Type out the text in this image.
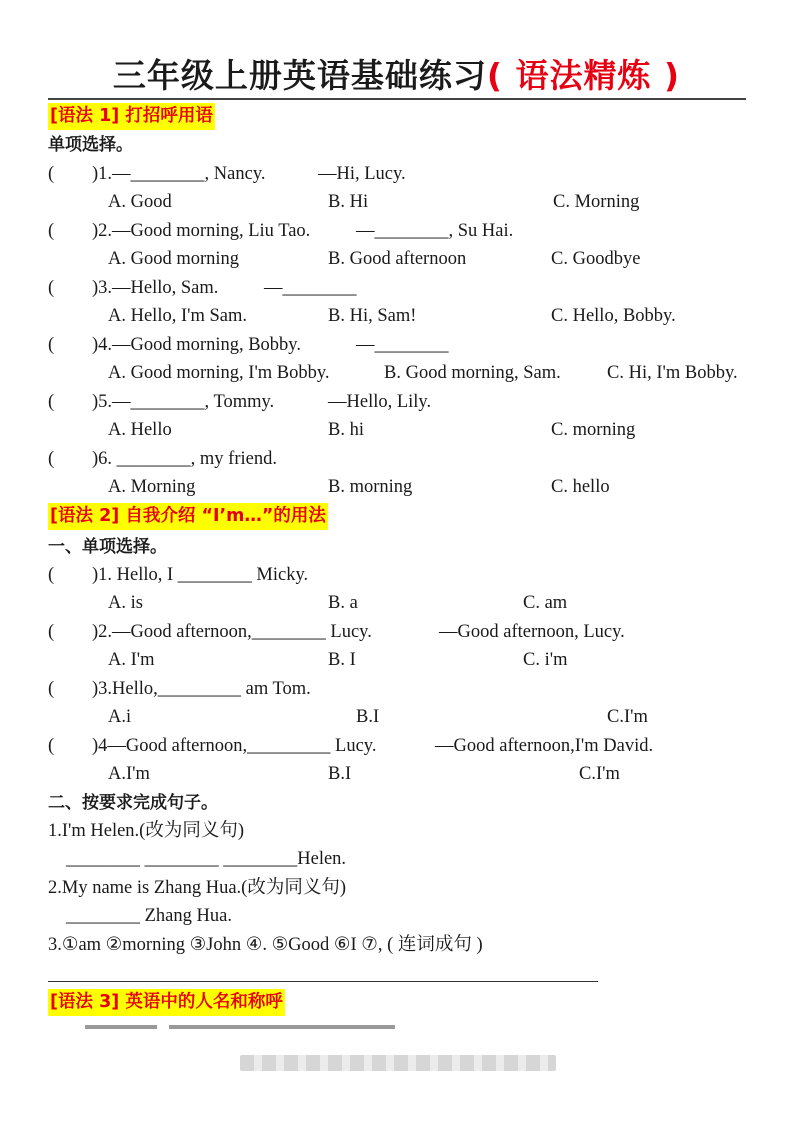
三年级上册英语基础练习( 语法精炼 )
[语法 1] 打招呼用语
单项选择。
( )1.—________, Nancy.	—Hi, Lucy.
A. Good	B. Hi	C. Morning
( )2.—Good morning, Liu Tao. —________, Su Hai.
A. Good morning	B. Good afternoon	C. Goodbye
( )3.—Hello, Sam. —________
A. Hello, I'm Sam.	B. Hi, Sam!	C. Hello, Bobby.
( )4.—Good morning, Bobby.	—________
A. Good morning, I'm Bobby.	B. Good morning, Sam. C. Hi, I'm Bobby.
( )5.—________, Tommy.	—Hello, Lily.
A. Hello	B. hi	C. morning
( )6. ________, my friend.
A. Morning	B. morning	C. hello
[语法 2] 自我介绍 “I’m…”的用法
一、单项选择。
( )1. Hello, I ________ Micky.
A. is	B. a	C. am
( )2.—Good afternoon,________ Lucy.	—Good afternoon, Lucy.
A. I'm	B. I	C. i'm
( )3.Hello,_________ am Tom.
A.i	B.I	C.I'm
( )4—Good afternoon,_________ Lucy.	—Good afternoon,I'm David.
A.I'm	B.I	C.I'm
二、按要求完成句子。
1.I'm Helen.(改为同义句)
________ ________ ________Helen.
2.My name is Zhang Hua.(改为同义句)
________ Zhang Hua.
3.①am ②morning ③John ④. ⑤Good ⑥I ⑦, ( 连词成句 )
[语法 3] 英语中的人名和称呼
